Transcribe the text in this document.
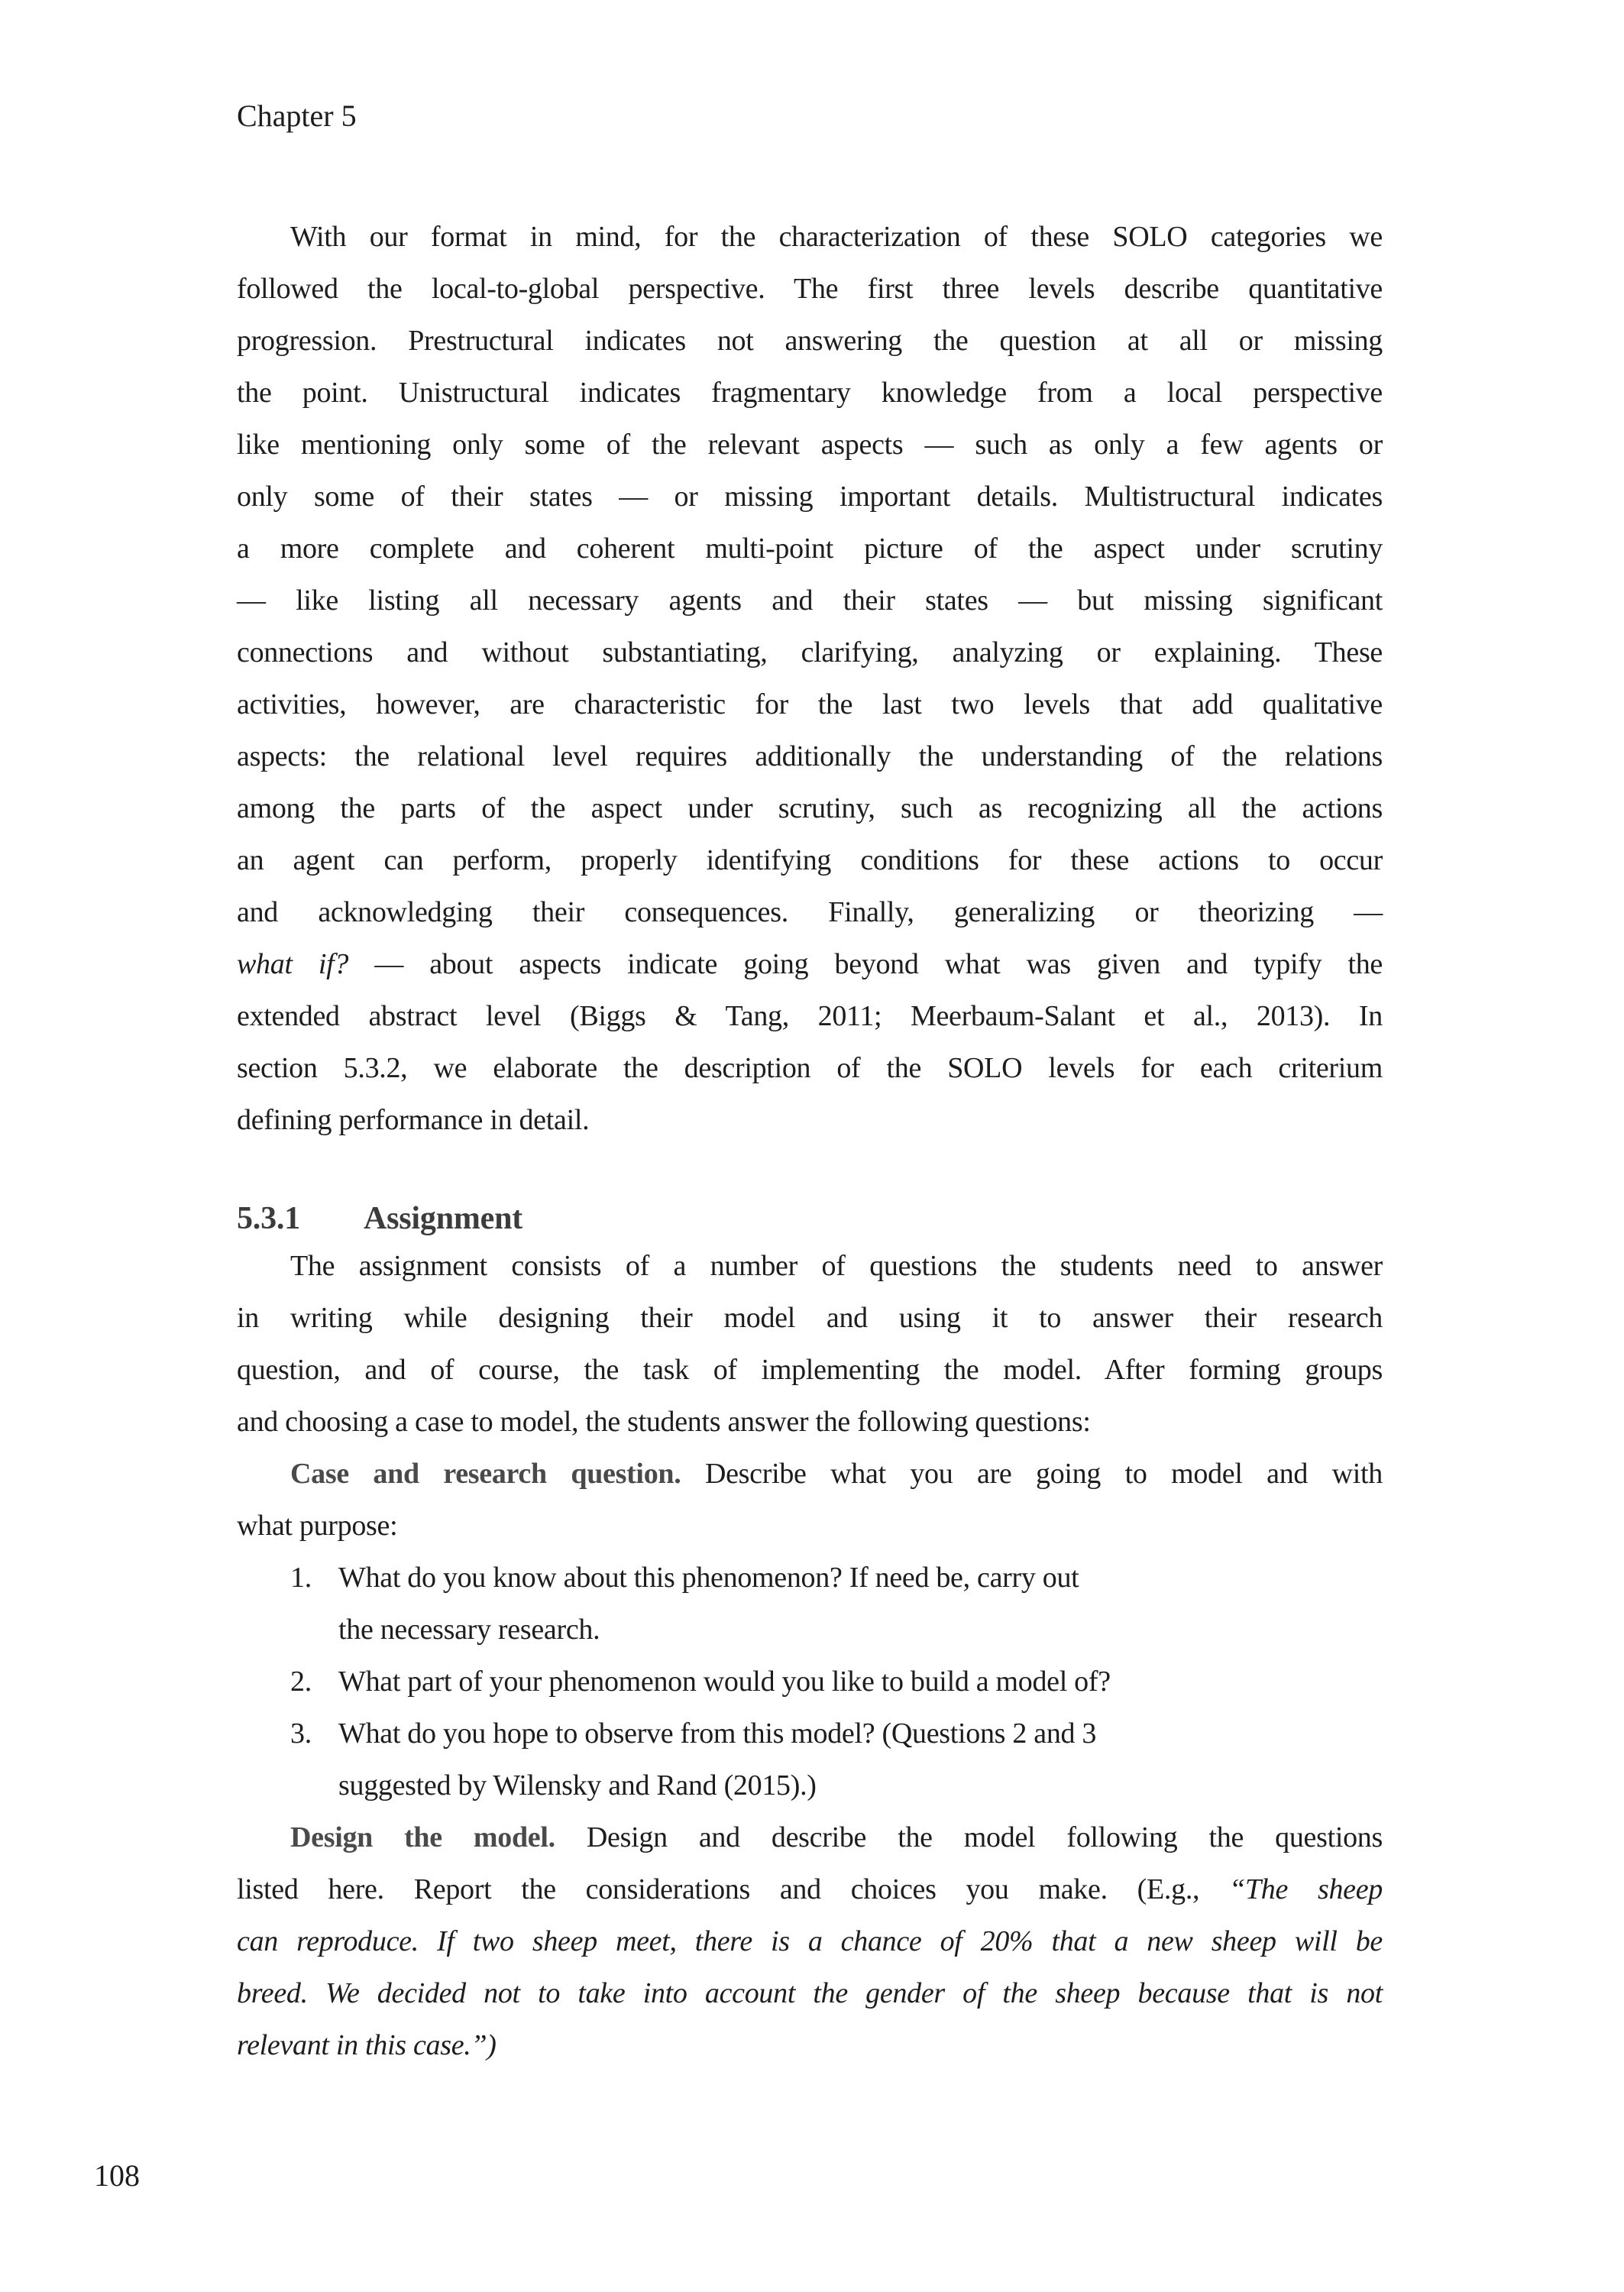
Chapter 5
With our format in mind, for the characterization of these SOLO categories we
followed the local-to-global perspective. The first three levels describe quantitative
progression. Prestructural indicates not answering the question at all or missing
the point. Unistructural indicates fragmentary knowledge from a local perspective
like mentioning only some of the relevant aspects — such as only a few agents or
only some of their states — or missing important details. Multistructural indicates
a more complete and coherent multi-point picture of the aspect under scrutiny
— like listing all necessary agents and their states — but missing significant
connections and without substantiating, clarifying, analyzing or explaining. These
activities, however, are characteristic for the last two levels that add qualitative
aspects: the relational level requires additionally the understanding of the relations
among the parts of the aspect under scrutiny, such as recognizing all the actions
an agent can perform, properly identifying conditions for these actions to occur
and acknowledging their consequences. Finally, generalizing or theorizing —
what if? — about aspects indicate going beyond what was given and typify the
extended abstract level (Biggs & Tang, 2011; Meerbaum-Salant et al., 2013). In
section 5.3.2, we elaborate the description of the SOLO levels for each criterium
defining performance in detail.
5.3.1 Assignment
The assignment consists of a number of questions the students need to answer
in writing while designing their model and using it to answer their research
question, and of course, the task of implementing the model. After forming groups
and choosing a case to model, the students answer the following questions:
Case and research question. Describe what you are going to model and with
what purpose:
1. What do you know about this phenomenon? If need be, carry out
the necessary research.
2. What part of your phenomenon would you like to build a model of?
3. What do you hope to observe from this model? (Questions 2 and 3
suggested by Wilensky and Rand (2015).)
Design the model. Design and describe the model following the questions
listed here. Report the considerations and choices you make. (E.g., “The sheep
can reproduce. If two sheep meet, there is a chance of 20% that a new sheep will be
breed. We decided not to take into account the gender of the sheep because that is not
relevant in this case.”)
108
